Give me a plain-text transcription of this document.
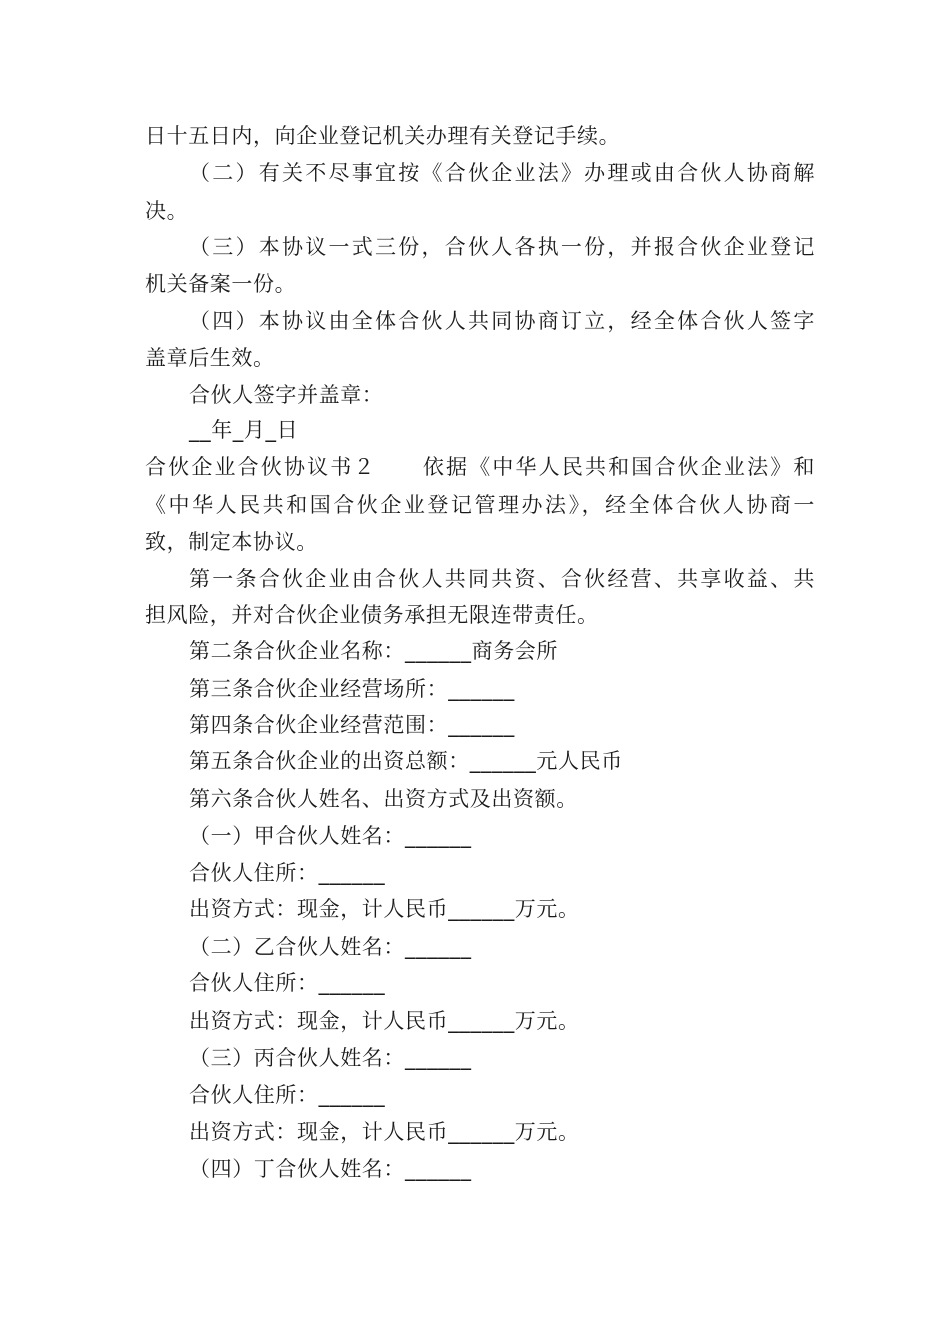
日十五日内，向企业登记机关办理有关登记手续。
（二）有关不尽事宜按《合伙企业法》办理或由合伙人协商解
决。
（三）本协议一式三份，合伙人各执一份，并报合伙企业登记
机关备案一份。
（四）本协议由全体合伙人共同协商订立，经全体合伙人签字
盖章后生效。
合伙人签字并盖章：
__年_月_日
合伙企业合伙协议书２　　依据《中华人民共和国合伙企业法》和
《中华人民共和国合伙企业登记管理办法》，经全体合伙人协商一
致，制定本协议。
第一条合伙企业由合伙人共同共资、合伙经营、共享收益、共
担风险，并对合伙企业债务承担无限连带责任。
第二条合伙企业名称：______商务会所
第三条合伙企业经营场所：______
第四条合伙企业经营范围：______
第五条合伙企业的出资总额：______元人民币
第六条合伙人姓名、出资方式及出资额。
（一）甲合伙人姓名：______
合伙人住所：______
出资方式：现金，计人民币______万元。
（二）乙合伙人姓名：______
合伙人住所：______
出资方式：现金，计人民币______万元。
（三）丙合伙人姓名：______
合伙人住所：______
出资方式：现金，计人民币______万元。
（四）丁合伙人姓名：______
